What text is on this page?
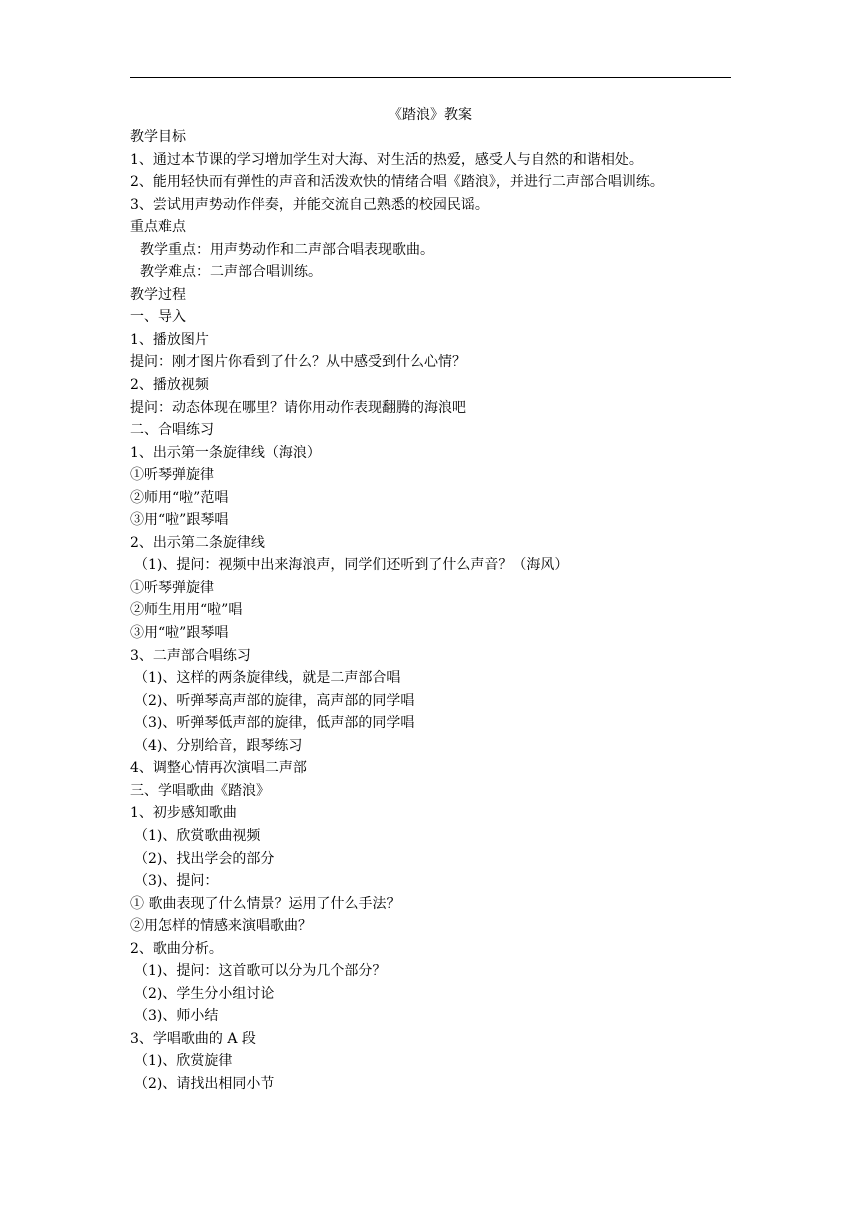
《踏浪》教案
教学目标
1、通过本节课的学习增加学生对大海、对生活的热爱，感受人与自然的和谐相处。
2、能用轻快而有弹性的声音和活泼欢快的情绪合唱《踏浪》，并进行二声部合唱训练。
3、尝试用声势动作伴奏，并能交流自己熟悉的校园民谣。
重点难点
教学重点：用声势动作和二声部合唱表现歌曲。
教学难点：二声部合唱训练。
教学过程
一、导入
1、播放图片
提问：刚才图片你看到了什么？从中感受到什么心情？
2、播放视频
提问：动态体现在哪里？请你用动作表现翻腾的海浪吧
二、合唱练习
1、出示第一条旋律线（海浪）
①听琴弹旋律
②师用“啦”范唱
③用“啦”跟琴唱
2、出示第二条旋律线
（1)、提问：视频中出来海浪声，同学们还听到了什么声音？（海风）
①听琴弹旋律
②师生用用“啦”唱
③用“啦”跟琴唱
3、二声部合唱练习
（1)、这样的两条旋律线，就是二声部合唱
（2)、听弹琴高声部的旋律，高声部的同学唱
（3)、听弹琴低声部的旋律，低声部的同学唱
（4)、分别给音，跟琴练习
4、调整心情再次演唱二声部
三、学唱歌曲《踏浪》
1、初步感知歌曲
（1)、欣赏歌曲视频
（2)、找出学会的部分
（3)、提问：
① 歌曲表现了什么情景？运用了什么手法？
②用怎样的情感来演唱歌曲？
2、歌曲分析。
（1)、提问：这首歌可以分为几个部分？
（2)、学生分小组讨论
（3)、师小结
3、学唱歌曲的 A 段
（1)、欣赏旋律
（2)、请找出相同小节
